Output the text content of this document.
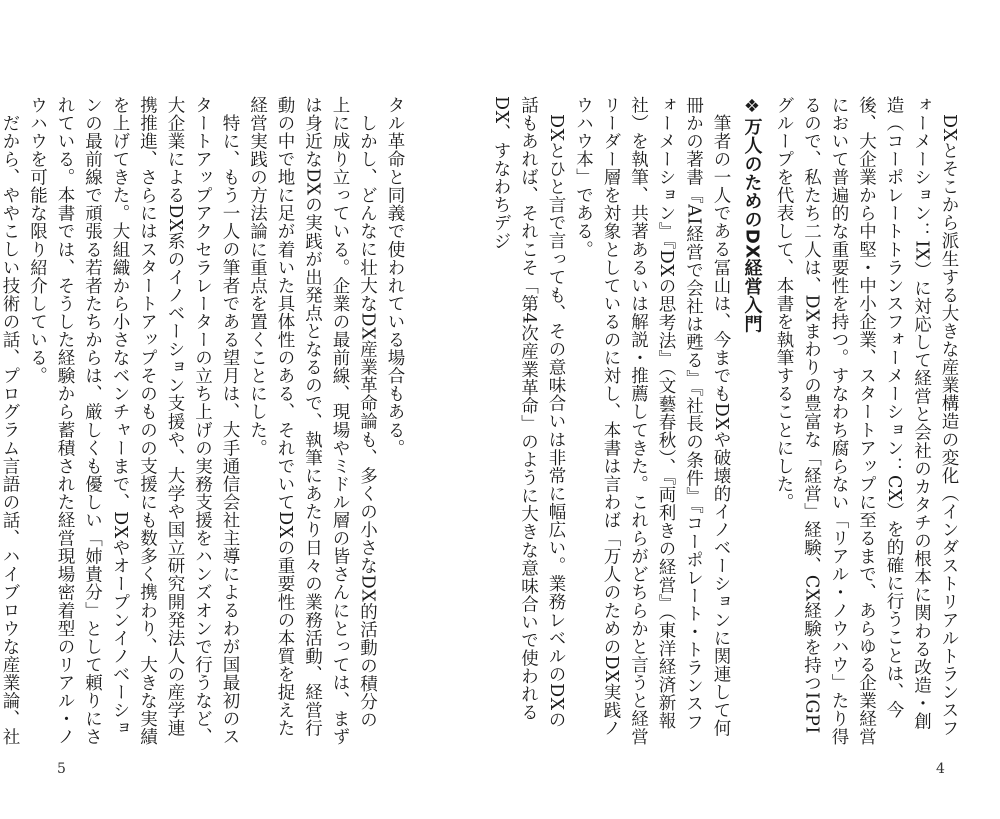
DXとそこから派生する大きな産業構造の変化（インダストリアルトランスフォーメーション：IX）に対応して経営と会社のカタチの根本に関わる改造・創造（コーポレートトランスフォーメーション：CX）を的確に行うことは、今後、大企業から中堅・中小企業、スタートアップに至るまで、あらゆる企業経営において普遍的な重要性を持つ。すなわち腐らない「リアル・ノウハウ」たり得るので、私たち二人は、DXまわりの豊富な「経営」経験、CX経験を持つIGPIグループを代表して、本書を執筆することにした。

❖万人のためのDX経営入門

筆者の一人である冨山は、今までもDXや破壊的イノベーションに関連して何冊かの著書『AI経営で会社は甦る』『社長の条件』『コーポレート・トランスフォーメーション』『DXの思考法』（文藝春秋）、『両利きの経営』（東洋経済新報社）を執筆、共著あるいは解説・推薦してきた。これらがどちらかと言うと経営リーダー層を対象としているのに対し、本書は言わば「万人のためのDX実践ノウハウ本」である。

DXとひと言で言っても、その意味合いは非常に幅広い。業務レベルのDXの話もあれば、それこそ「第4次産業革命」のように大きな意味合いで使われるDX、すなわちデジ

4

タル革命と同義で使われている場合もある。

しかし、どんなに壮大なDX産業革命論も、多くの小さなDX的活動の積分の上に成り立っている。企業の最前線、現場やミドル層の皆さんにとっては、まずは身近なDXの実践が出発点となるので、執筆にあたり日々の業務活動、経営行動の中で地に足が着いた具体性のある、それでいてDXの重要性の本質を捉えた経営実践の方法論に重点を置くことにした。

特に、もう一人の筆者である望月は、大手通信会社主導によるわが国最初のスタートアップアクセラレーターの立ち上げの実務支援をハンズオンで行うなど、大企業によるDX系のイノベーション支援や、大学や国立研究開発法人の産学連携推進、さらにはスタートアップそのものの支援にも数多く携わり、大きな実績を上げてきた。大組織から小さなベンチャーまで、DXやオープンイノベーションの最前線で頑張る若者たちからは、厳しくも優しい「姉貴分」として頼りにされている。本書では、そうした経験から蓄積された経営現場密着型のリアル・ノウハウを可能な限り紹介している。

だから、ややこしい技術の話、プログラム言語の話、ハイブロウな産業論、社

5
